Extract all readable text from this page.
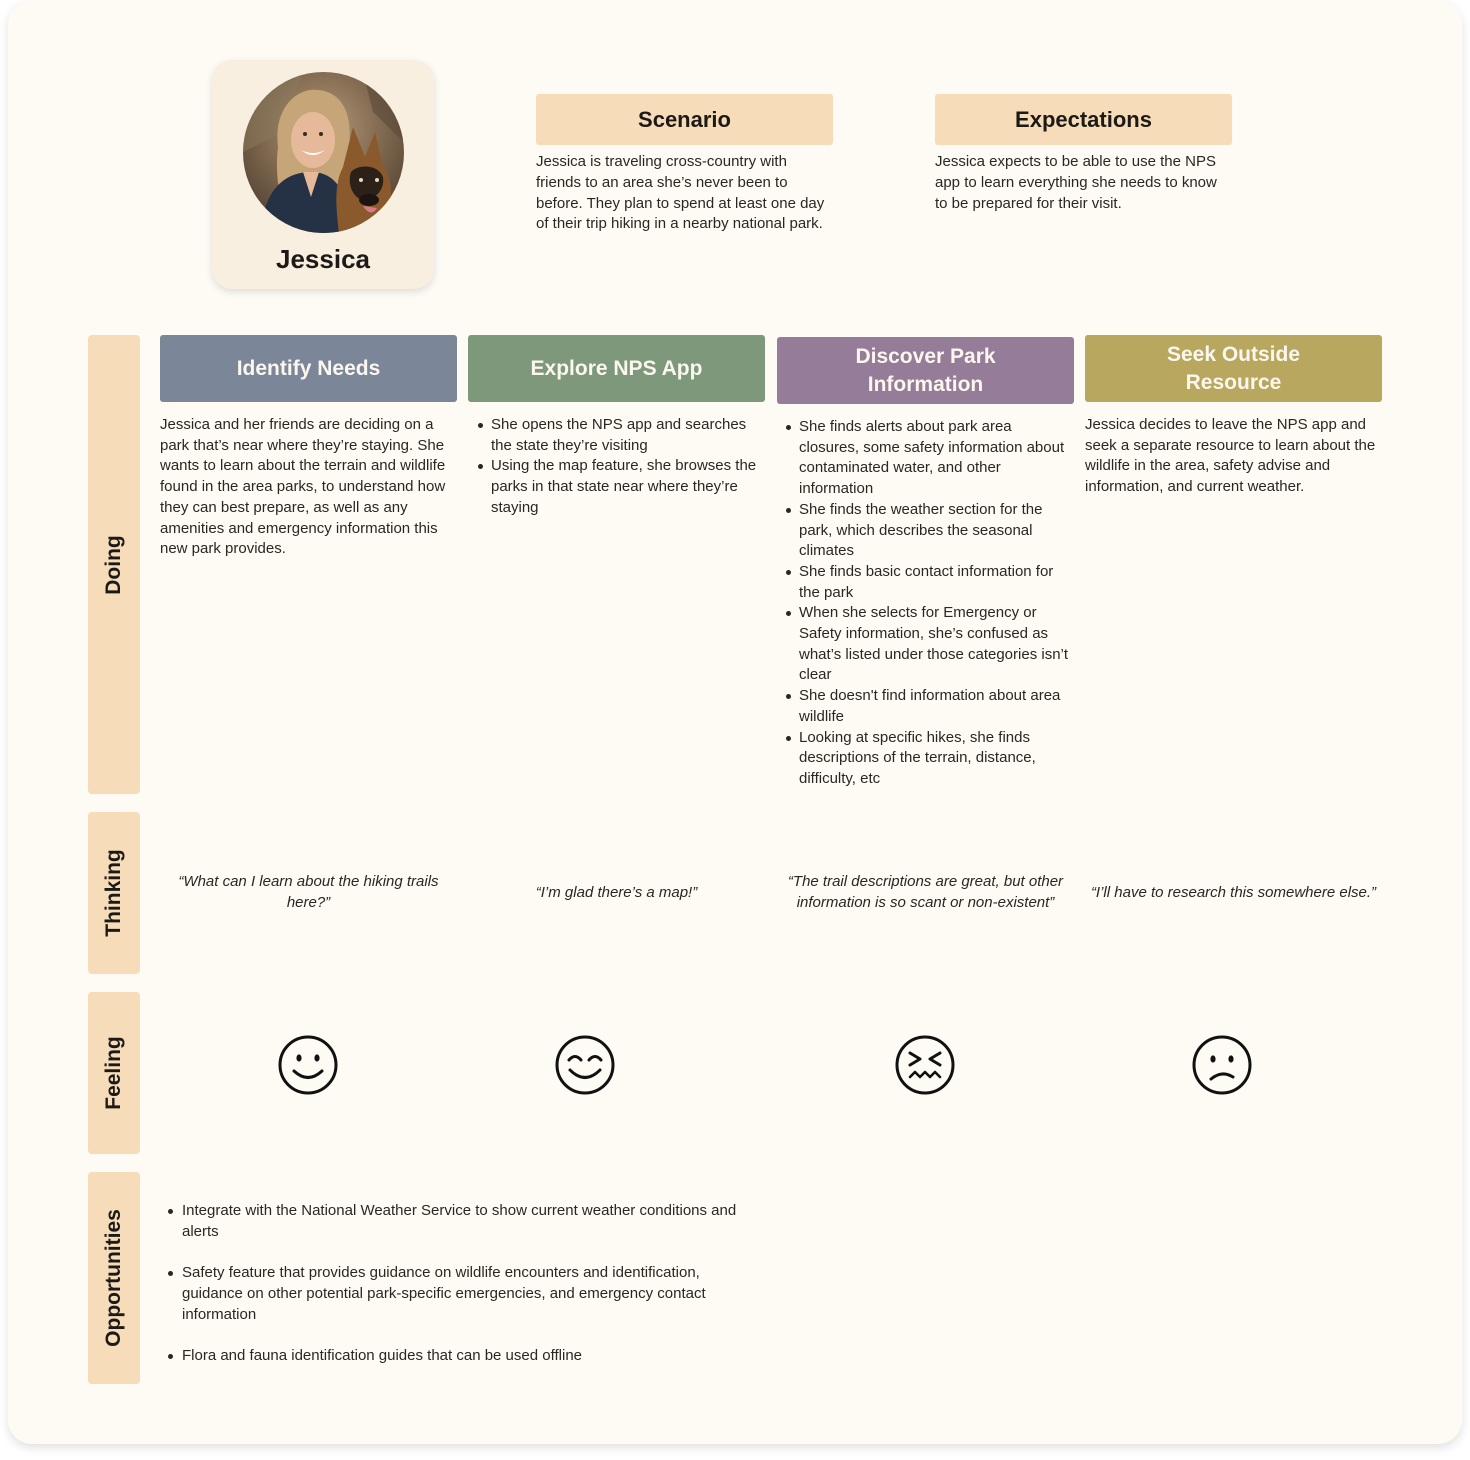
Jessica
Scenario
Jessica is traveling cross-country with friends to an area she’s never been to before. They plan to spend at least one day of their trip hiking in a nearby national park.
Expectations
Jessica expects to be able to use the NPS app to learn everything she needs to know to be prepared for their visit.
Doing
Thinking
Feeling
Opportunities
Identify Needs	Explore NPS App
Discover Park Information
Seek Outside Resource
Jessica and her friends are deciding on a park that’s near where they’re staying. She wants to learn about the terrain and wildlife found in the area parks, to understand how they can best prepare, as well as any amenities and emergency information this new park provides.
She opens the NPS app and searches the state they’re visiting
Using the map feature, she browses the parks in that state near where they’re staying
She finds alerts about park area closures, some safety information about contaminated water, and other information
She finds the weather section for the park, which describes the seasonal climates
She finds basic contact information for the park
When she selects for Emergency or Safety information, she’s confused as what’s listed under those categories isn’t clear
She doesn't find information about area wildlife
Looking at specific hikes, she finds descriptions of the terrain, distance, difficulty, etc
Jessica decides to leave the NPS app and seek a separate resource to learn about the wildlife in the area, safety advise and information, and current weather.
“What can I learn about the hiking trails here?”
“I’m glad there’s a map!”
“The trail descriptions are great, but other information is so scant or non-existent”
“I’ll have to research this somewhere else.”
Integrate with the National Weather Service to show current weather conditions and alerts
Safety feature that provides guidance on wildlife encounters and identification, guidance on other potential park-specific emergencies, and emergency contact information
Flora and fauna identification guides that can be used offline
